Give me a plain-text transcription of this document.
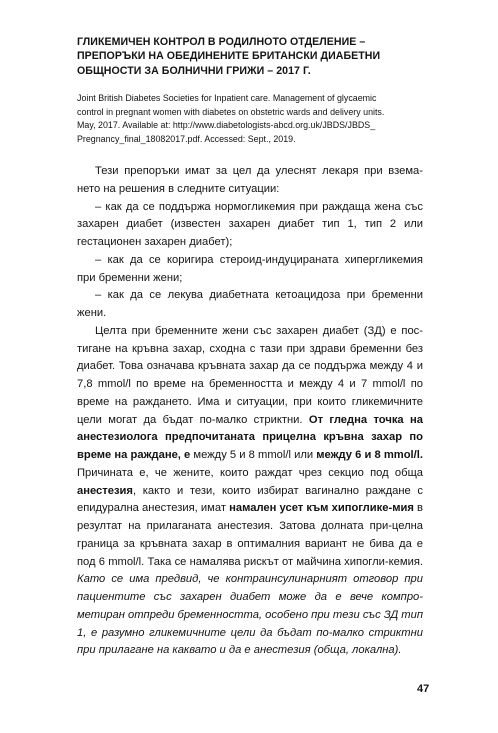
ГЛИКЕМИЧЕН КОНТРОЛ В РОДИЛНОТО ОТДЕЛЕНИЕ –
ПРЕПОРЪКИ НА ОБЕДИНЕНИТЕ БРИТАНСКИ ДИАБЕТНИ
ОБЩНОСТИ ЗА БОЛНИЧНИ ГРИЖИ – 2017 Г.
Joint British Diabetes Societies for Inpatient care. Management of glycaemic
control in pregnant women with diabetes on obstetric wards and delivery units.
May, 2017. Available at: http://www.diabetologists-abcd.org.uk/JBDS/JBDS_
Pregnancy_final_18082017.pdf. Accessed: Sept., 2019.

Тези препоръки имат за цел да улеснят лекаря при взема-нето на решения в следните ситуации:

– как да се поддържа нормогликемия при раждаща жена със захарен диабет (известен захарен диабет тип 1, тип 2 или гестационен захарен диабет);

– как да се коригира стероид-индуцираната хипергликемия при бременни жени;

– как да се лекува диабетната кетоацидоза при бременни жени.

Целта при бременните жени със захарен диабет (ЗД) е пос-тигане на кръвна захар, сходна с тази при здрави бременни без диабет. Това означава кръвната захар да се поддържа между 4 и 7,8 mmol/l по време на бременността и между 4 и 7 mmol/l по време на раждането. Има и ситуации, при които гликемичните цели могат да бъдат по-малко стриктни. От гледна точка на анестезиолога предпочитаната прицелна кръвна захар по време на раждане, е между 5 и 8 mmol/l или между 6 и 8 mmol/l. Причината е, че жените, които раждат чрез секцио под обща анестезия, както и тези, които избират вагинално раждане с епидурална анестезия, имат намален усет към хипоглике-мия в резултат на прилаганата анестезия. Затова долната при-целна граница за кръвната захар в оптималния вариант не бива да е под 6 mmol/l. Така се намалява рискът от майчина хипогли-кемия. Като се има предвид, че контраинсулинарният отговор при пациентите със захарен диабет може да е вече компро-метиран отпреди бременността, особено при тези със ЗД тип 1, е разумно гликемичните цели да бъдат по-малко стриктни при прилагане на каквато и да е анестезия (обща, локална).

47
